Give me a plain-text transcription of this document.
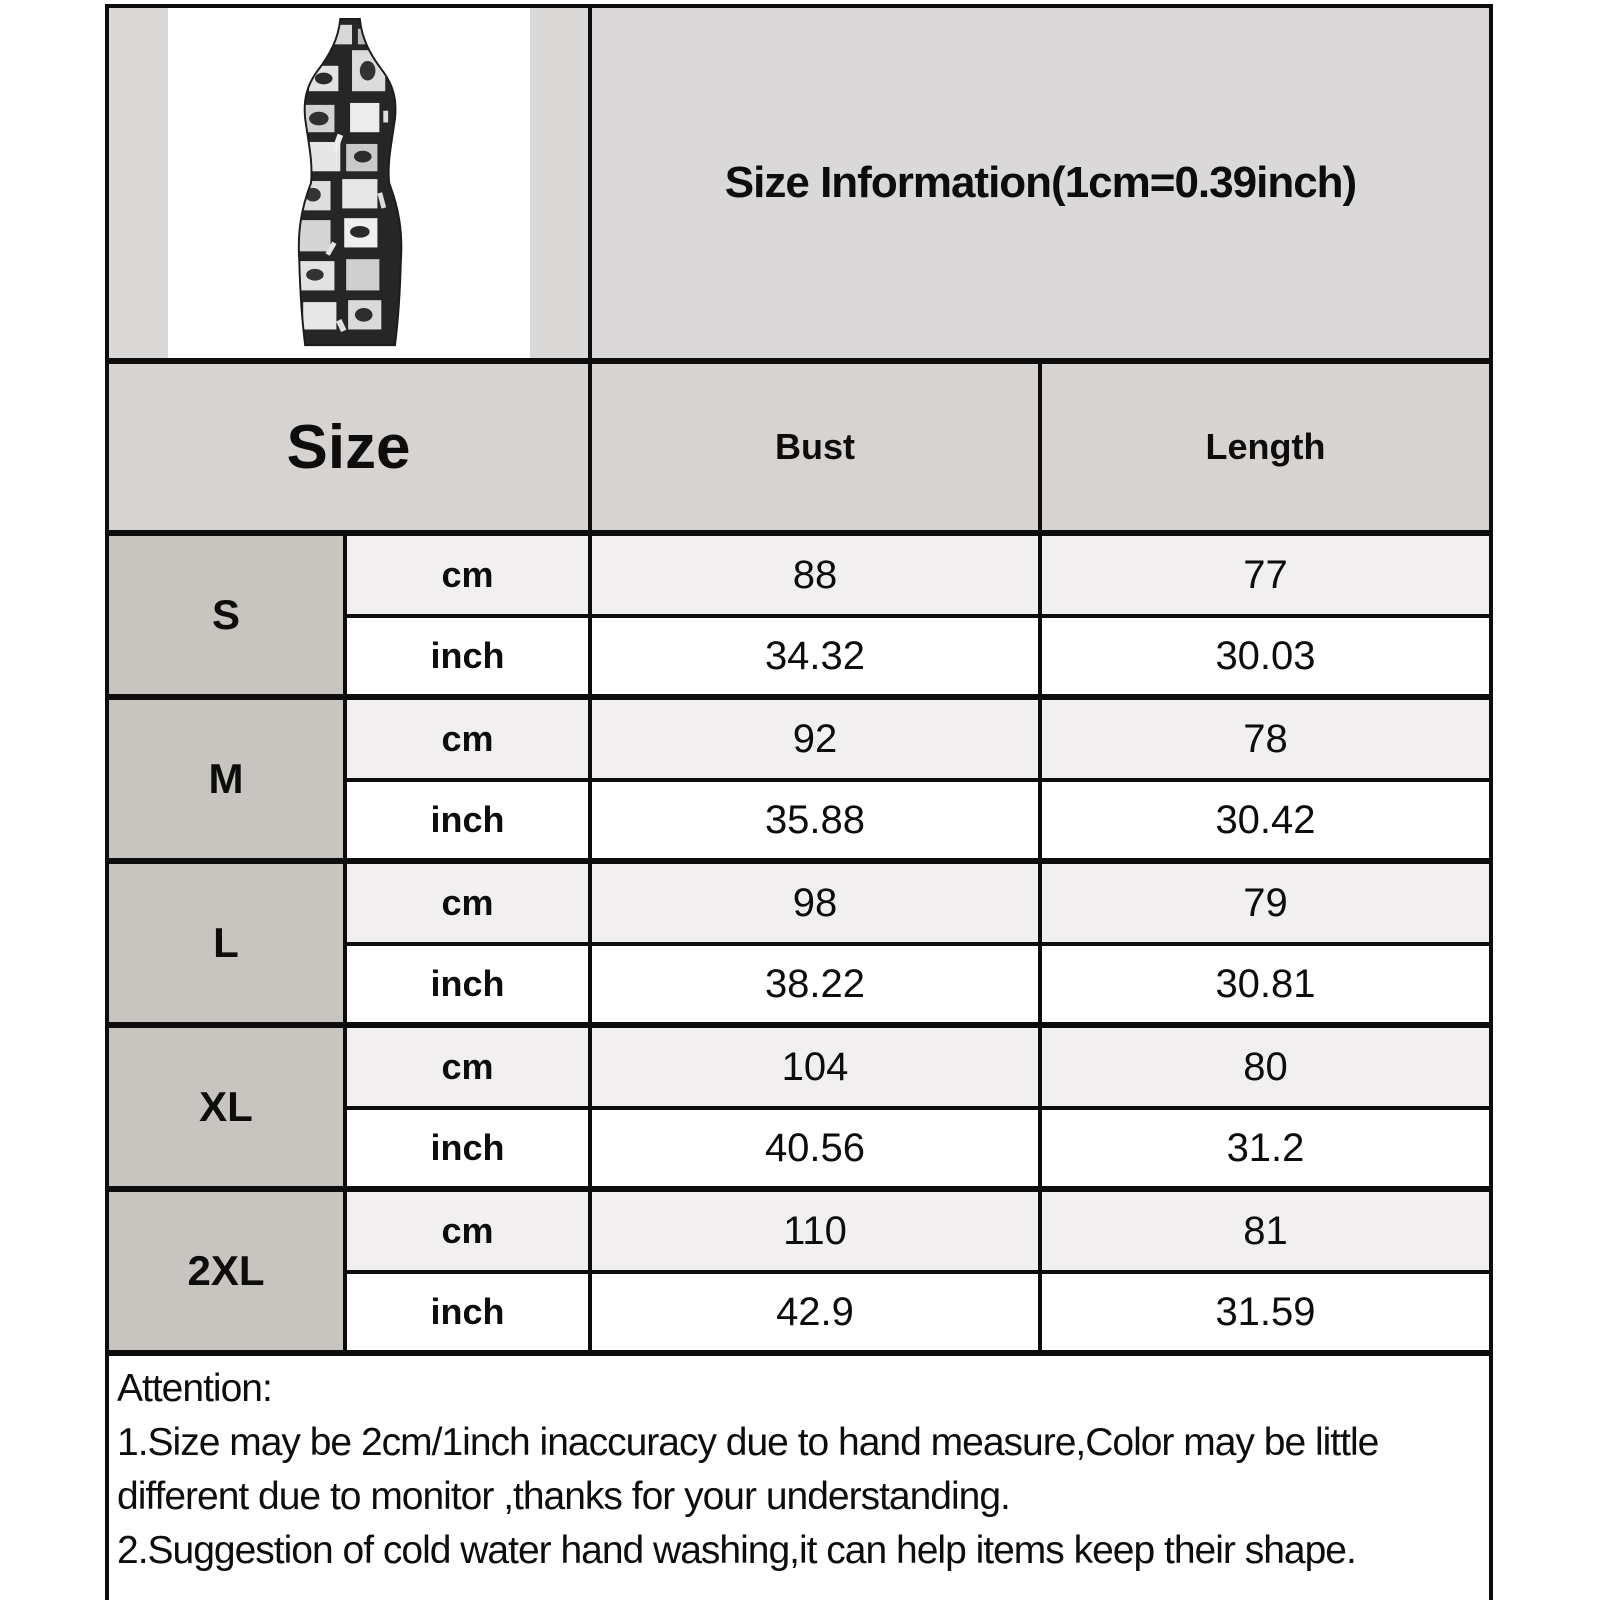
Size Information(1cm=0.39inch)
Size	Bust	Length
S
cm	88	77
inch	34.32	30.03
M
cm	92	78
inch	35.88	30.42
L
cm	98	79
inch	38.22	30.81
XL
cm	104	80
inch	40.56	31.2
2XL
cm	110	81
inch	42.9	31.59
Attention:
1.Size may be 2cm/1inch inaccuracy due to hand measure,Color may be little different due to monitor ,thanks for your understanding.
2.Suggestion of cold water hand washing,it can help items keep their shape.
